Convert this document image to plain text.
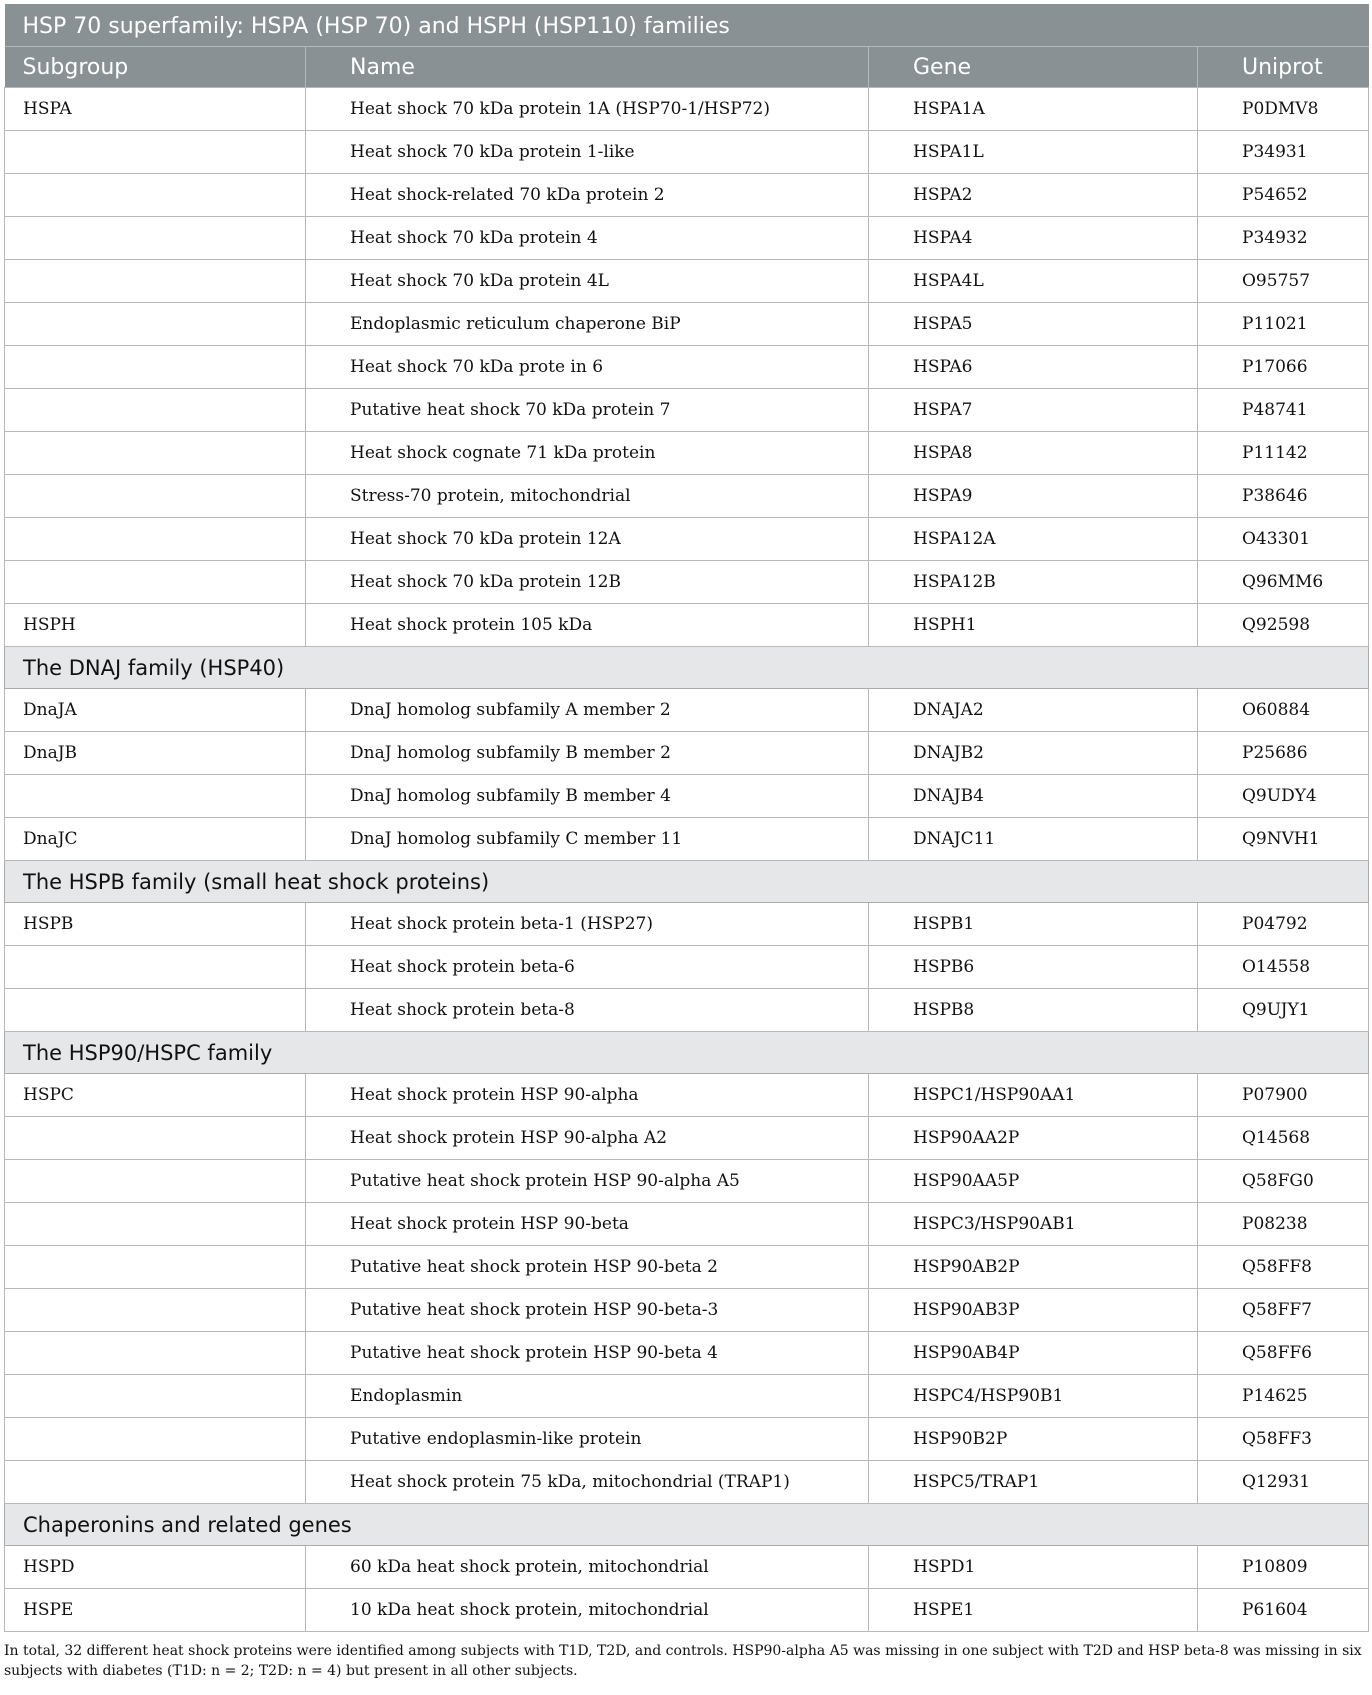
HSP 70 superfamily: HSPA (HSP 70) and HSPH (HSP110) families			
Subgroup	Name	Gene	Uniprot
HSPA	Heat shock 70 kDa protein 1A (HSP70-1/HSP72)	HSPA1A	P0DMV8
	Heat shock 70 kDa protein 1-like	HSPA1L	P34931
	Heat shock-related 70 kDa protein 2	HSPA2	P54652
	Heat shock 70 kDa protein 4	HSPA4	P34932
	Heat shock 70 kDa protein 4L	HSPA4L	O95757
	Endoplasmic reticulum chaperone BiP	HSPA5	P11021
	Heat shock 70 kDa prote in 6	HSPA6	P17066
	Putative heat shock 70 kDa protein 7	HSPA7	P48741
	Heat shock cognate 71 kDa protein	HSPA8	P11142
	Stress-70 protein, mitochondrial	HSPA9	P38646
	Heat shock 70 kDa protein 12A	HSPA12A	O43301
	Heat shock 70 kDa protein 12B	HSPA12B	Q96MM6
HSPH	Heat shock protein 105 kDa	HSPH1	Q92598
The DNAJ family (HSP40)			
DnaJA	DnaJ homolog subfamily A member 2	DNAJA2	O60884
DnaJB	DnaJ homolog subfamily B member 2	DNAJB2	P25686
	DnaJ homolog subfamily B member 4	DNAJB4	Q9UDY4
DnaJC	DnaJ homolog subfamily C member 11	DNAJC11	Q9NVH1
The HSPB family (small heat shock proteins)			
HSPB	Heat shock protein beta-1 (HSP27)	HSPB1	P04792
	Heat shock protein beta-6	HSPB6	O14558
	Heat shock protein beta-8	HSPB8	Q9UJY1
The HSP90/HSPC family			
HSPC	Heat shock protein HSP 90-alpha	HSPC1/HSP90AA1	P07900
	Heat shock protein HSP 90-alpha A2	HSP90AA2P	Q14568
	Putative heat shock protein HSP 90-alpha A5	HSP90AA5P	Q58FG0
	Heat shock protein HSP 90-beta	HSPC3/HSP90AB1	P08238
	Putative heat shock protein HSP 90-beta 2	HSP90AB2P	Q58FF8
	Putative heat shock protein HSP 90-beta-3	HSP90AB3P	Q58FF7
	Putative heat shock protein HSP 90-beta 4	HSP90AB4P	Q58FF6
	Endoplasmin	HSPC4/HSP90B1	P14625
	Putative endoplasmin-like protein	HSP90B2P	Q58FF3
	Heat shock protein 75 kDa, mitochondrial (TRAP1)	HSPC5/TRAP1	Q12931
Chaperonins and related genes			
HSPD	60 kDa heat shock protein, mitochondrial	HSPD1	P10809
HSPE	10 kDa heat shock protein, mitochondrial	HSPE1	P61604
In total, 32 different heat shock proteins were identified among subjects with T1D, T2D, and controls. HSP90-alpha A5 was missing in one subject with T2D and HSP beta-8 was missing in six
subjects with diabetes (T1D: n = 2; T2D: n = 4) but present in all other subjects.
